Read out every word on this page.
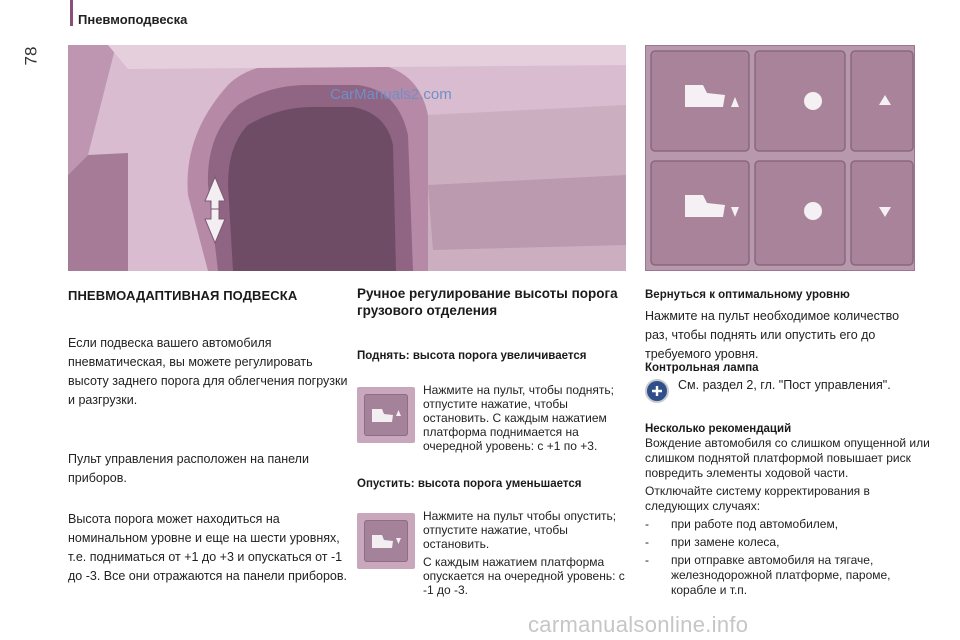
Пневмоподвеска
78
CarManuals2.com
ПНЕВМОАДАПТИВНАЯ ПОДВЕСКА
Если подвеска вашего автомобиля пневматическая, вы можете регулировать высоту заднего порога для облегчения погрузки и разгрузки.
Пульт управления расположен на панели приборов.
Высота порога может находиться на номинальном уровне и еще на шести уровнях, т.е. подниматься от +1 до +3 и опускаться от -1 до -3. Все они отражаются на панели приборов.
Ручное регулирование высоты порога грузового отделения
Поднять: высота порога увеличивается
Нажмите на пульт, чтобы поднять; отпустите нажатие, чтобы остановить. С каждым нажатием платформа поднимается на очередной уровень: с +1 по +3.
Опустить: высота порога уменьшается
Нажмите на пульт чтобы опустить; отпустите нажатие, чтобы остановить.
С каждым нажатием платформа опускается на очередной уровень: с -1 до -3.
Вернуться к оптимальному уровню
Нажмите на пульт необходимое количество раз, чтобы поднять или опустить его до требуемого уровня.
Контрольная лампа
См. раздел 2, гл. "Пост управления".
Несколько рекомендаций

Вождение автомобиля со слишком опущенной или слишком поднятой платформой повышает риск повредить элементы ходовой части.

Отключайте систему корректирования в следующих случаях:

- при работе под автомобилем,
- при замене колеса,
- при отправке автомобиля на тягаче, железнодорожной платформе, пароме, корабле и т.п.
carmanualsonline.info
